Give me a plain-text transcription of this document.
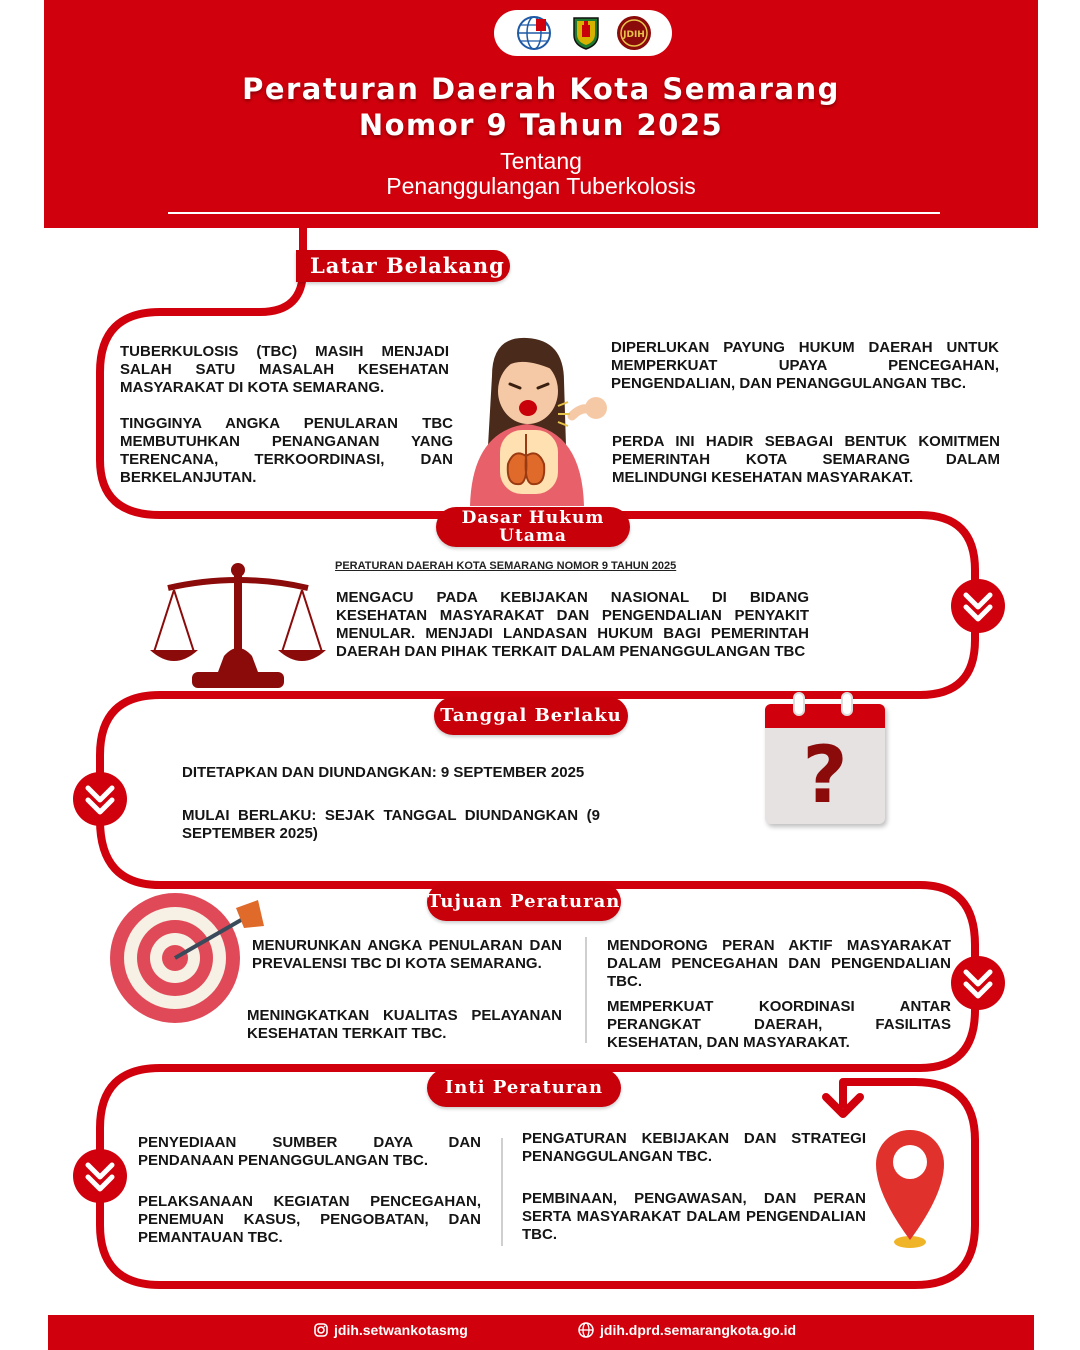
JDIH
Peraturan Daerah Kota Semarang
Nomor 9 Tahun 2025
Tentang
Penanggulangan Tuberkolosis
Latar Belakang
TUBERKULOSIS (TBC) MASIH MENJADI SALAH SATU MASALAH KESEHATAN MASYARAKAT DI KOTA SEMARANG.
TINGGINYA ANGKA PENULARAN TBC MEMBUTUHKAN PENANGANAN YANG TERENCANA, TERKOORDINASI, DAN BERKELANJUTAN.
DIPERLUKAN PAYUNG HUKUM DAERAH UNTUK MEMPERKUAT UPAYA PENCEGAHAN, PENGENDALIAN, DAN PENANGGULANGAN TBC.
PERDA INI HADIR SEBAGAI BENTUK KOMITMEN PEMERINTAH KOTA SEMARANG DALAM MELINDUNGI KESEHATAN MASYARAKAT.
Dasar Hukum
Utama
PERATURAN DAERAH KOTA SEMARANG NOMOR 9 TAHUN 2025
MENGACU PADA KEBIJAKAN NASIONAL DI BIDANG KESEHATAN MASYARAKAT DAN PENGENDALIAN PENYAKIT MENULAR. MENJADI LANDASAN HUKUM BAGI PEMERINTAH DAERAH DAN PIHAK TERKAIT DALAM PENANGGULANGAN TBC
Tanggal Berlaku
DITETAPKAN DAN DIUNDANGKAN: 9 SEPTEMBER 2025
MULAI BERLAKU: SEJAK TANGGAL DIUNDANGKAN (9 SEPTEMBER 2025)
?
Tujuan Peraturan
MENURUNKAN ANGKA PENULARAN DAN PREVALENSI TBC DI KOTA SEMARANG.
MENINGKATKAN KUALITAS PELAYANAN KESEHATAN TERKAIT TBC.
MENDORONG PERAN AKTIF MASYARAKAT DALAM PENCEGAHAN DAN PENGENDALIAN TBC.
MEMPERKUAT KOORDINASI ANTAR PERANGKAT DAERAH, FASILITAS KESEHATAN, DAN MASYARAKAT.
Inti Peraturan
PENYEDIAAN SUMBER DAYA DAN PENDANAAN PENANGGULANGAN TBC.
PELAKSANAAN KEGIATAN PENCEGAHAN, PENEMUAN KASUS, PENGOBATAN, DAN PEMANTAUAN TBC.
PENGATURAN KEBIJAKAN DAN STRATEGI PENANGGULANGAN TBC.
PEMBINAAN, PENGAWASAN, DAN PERAN SERTA MASYARAKAT DALAM PENGENDALIAN TBC.
jdih.setwankotasmg	jdih.dprd.semarangkota.go.id
